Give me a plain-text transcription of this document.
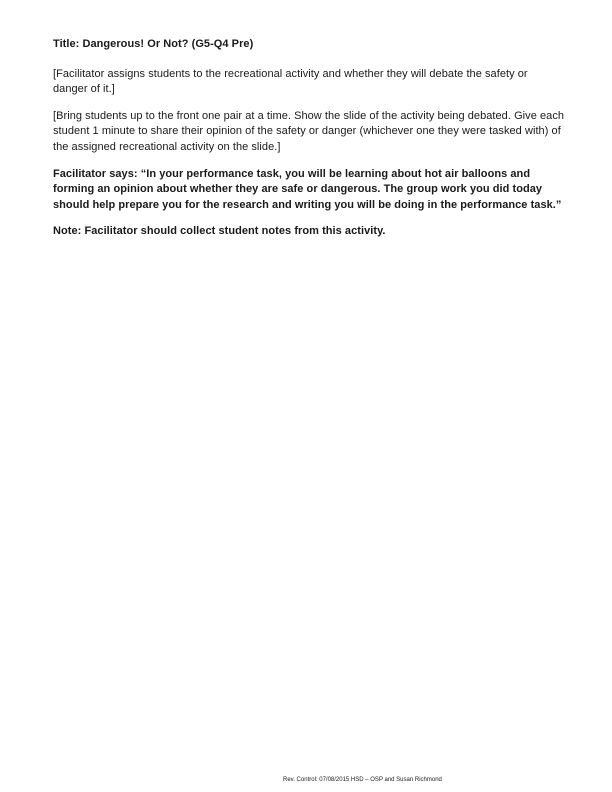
Title: Dangerous! Or Not? (G5-Q4 Pre)

[Facilitator assigns students to the recreational activity and whether they will debate the safety or danger of it.]

[Bring students up to the front one pair at a time. Show the slide of the activity being debated. Give each student 1 minute to share their opinion of the safety or danger (whichever one they were tasked with) of the assigned recreational activity on the slide.]

Facilitator says: “In your performance task, you will be learning about hot air balloons and forming an opinion about whether they are safe or dangerous. The group work you did today should help prepare you for the research and writing you will be doing in the performance task.”

Note: Facilitator should collect student notes from this activity.

Rev. Control: 07/08/2015 HSD – OSP and Susan Richmond
